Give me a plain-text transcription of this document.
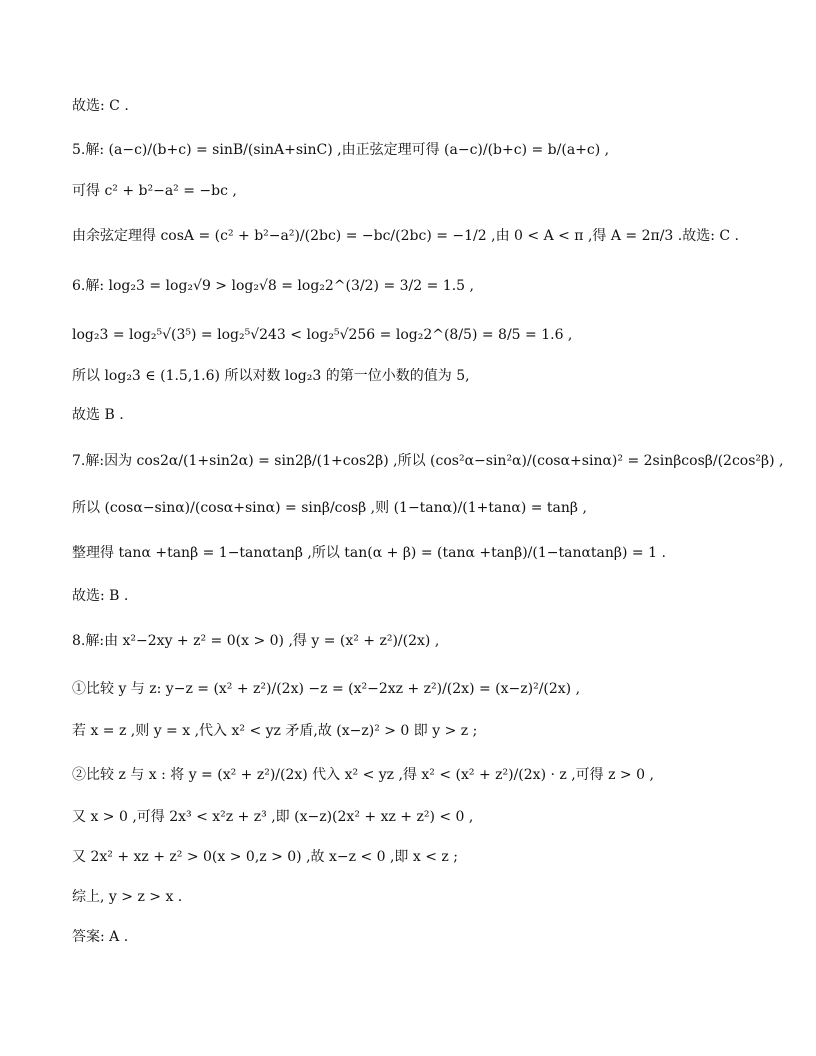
故选: C .
5.解: (a−c)/(b+c) = sinB/(sinA+sinC) ,由正弦定理可得 (a−c)/(b+c) = b/(a+c) ,
可得 c² + b²−a² = −bc ,
由余弦定理得 cosA = (c² + b²−a²)/(2bc) = −bc/(2bc) = −1/2 ,由 0 < A < π ,得 A = 2π/3 .故选: C .
6.解: log₂3 = log₂√9 > log₂√8 = log₂2^(3/2) = 3/2 = 1.5 ,
log₂3 = log₂⁵√(3⁵) = log₂⁵√243 < log₂⁵√256 = log₂2^(8/5) = 8/5 = 1.6 ,
所以 log₂3 ∈ (1.5,1.6) 所以对数 log₂3 的第一位小数的值为 5,
故选 B .
7.解:因为 cos2α/(1+sin2α) = sin2β/(1+cos2β) ,所以 (cos²α−sin²α)/(cosα+sinα)² = 2sinβcosβ/(2cos²β) ,
所以 (cosα−sinα)/(cosα+sinα) = sinβ/cosβ ,则 (1−tanα)/(1+tanα) = tanβ ,
整理得 tanα +tanβ = 1−tanαtanβ ,所以 tan(α + β) = (tanα +tanβ)/(1−tanαtanβ) = 1 .
故选: B .
8.解:由 x²−2xy + z² = 0(x > 0) ,得 y = (x² + z²)/(2x) ,
①比较 y 与 z: y−z = (x² + z²)/(2x) −z = (x²−2xz + z²)/(2x) = (x−z)²/(2x) ,
若 x = z ,则 y = x ,代入 x² < yz 矛盾,故 (x−z)² > 0 即 y > z ;
②比较 z 与 x : 将 y = (x² + z²)/(2x) 代入 x² < yz ,得 x² < (x² + z²)/(2x) · z ,可得 z > 0 ,
又 x > 0 ,可得 2x³ < x²z + z³ ,即 (x−z)(2x² + xz + z²) < 0 ,
又 2x² + xz + z² > 0(x > 0,z > 0) ,故 x−z < 0 ,即 x < z ;
综上, y > z > x .
答案: A .
